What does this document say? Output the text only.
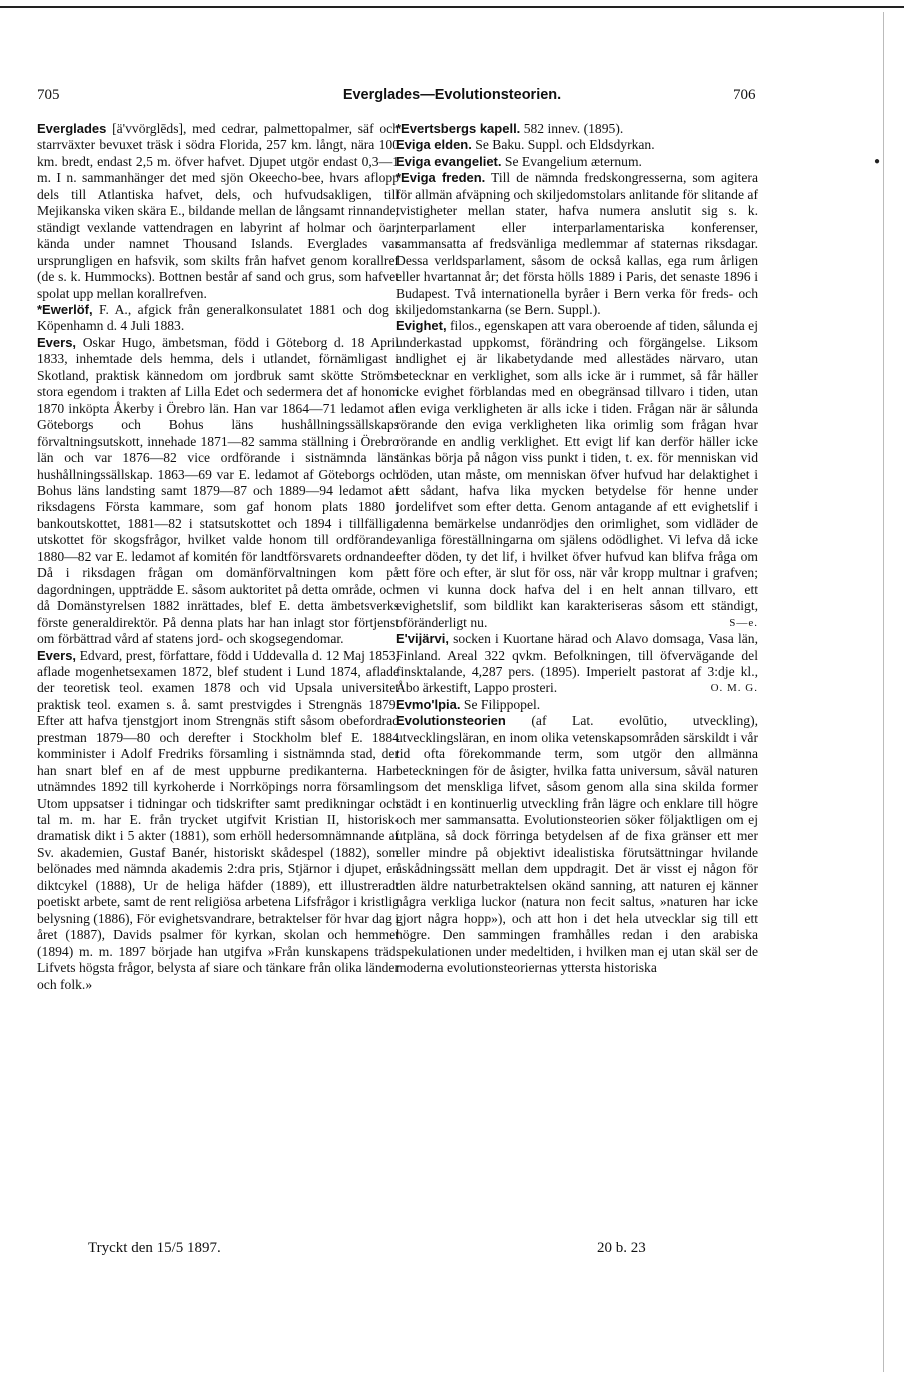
705	Everglades—Evolutionsteorien.	706

Everglades [ä'vvörglēds], med cedrar, palmettopalmer, säf och starrväxter bevuxet träsk i södra Florida, 257 km. långt, nära 100 km. bredt, endast 2,5 m. öfver hafvet. Djupet utgör endast 0,3—1 m. I n. sammanhänger det med sjön Okeecho-bee, hvars aflopp dels till Atlantiska hafvet, dels, och hufvudsakligen, till Mejikanska viken skära E., bildande mellan de långsamt rinnande, ständigt vexlande vattendragen en labyrint af holmar och öar, kända under namnet Thousand Islands. Everglades var ursprungligen en hafsvik, som skilts från hafvet genom korallref (de s. k. Hummocks). Bottnen består af sand och grus, som hafvet spolat upp mellan korallrefven.

*Ewerlöf, F. A., afgick från generalkonsulatet 1881 och dog i Köpenhamn d. 4 Juli 1883.

Evers, Oskar Hugo, ämbetsman, född i Göteborg d. 18 April 1833, inhemtade dels hemma, dels i utlandet, förnämligast i Skotland, praktisk kännedom om jordbruk samt skötte Ströms stora egendom i trakten af Lilla Edet och sedermera det af honom 1870 inköpta Åkerby i Örebro län. Han var 1864—71 ledamot af Göteborgs och Bohus läns hushållningssällskaps förvaltningsutskott, innehade 1871—82 samma ställning i Örebro län och var 1876—82 vice ordförande i sistnämnda läns hushållningssällskap. 1863—69 var E. ledamot af Göteborgs och Bohus läns landsting samt 1879—87 och 1889—94 ledamot af riksdagens Första kammare, som gaf honom plats 1880 i bankoutskottet, 1881—82 i statsutskottet och 1894 i tillfälliga utskottet för skogsfrågor, hvilket valde honom till ordförande. 1880—82 var E. ledamot af komitén för landtförsvarets ordnande. Då i riksdagen frågan om domänförvaltningen kom på dagordningen, uppträdde E. såsom auktoritet på detta område, och då Domänstyrelsen 1882 inrättades, blef E. detta ämbetsverks förste generaldirektör. På denna plats har han inlagt stor förtjenst om förbättrad vård af statens jord- och skogsegendomar.

Evers, Edvard, prest, författare, född i Uddevalla d. 12 Maj 1853, aflade mogenhetsexamen 1872, blef student i Lund 1874, aflade der teoretisk teol. examen 1878 och vid Upsala universitet praktisk teol. examen s. å. samt prestvigdes i Strengnäs 1879. Efter att hafva tjenstgjort inom Strengnäs stift såsom obefordrad prestman 1879—80 och derefter i Stockholm blef E. 1884 komminister i Adolf Fredriks församling i sistnämnda stad, der han snart blef en af de mest uppburne predikanterna. Han utnämndes 1892 till kyrkoherde i Norrköpings norra församling. Utom uppsatser i tidningar och tidskrifter samt predikningar och tal m. m. har E. från trycket utgifvit Kristian II, historisk-dramatisk dikt i 5 akter (1881), som erhöll hedersomnämnande af Sv. akademien, Gustaf Banér, historiskt skådespel (1882), som belönades med nämnda akademis 2:dra pris, Stjärnor i djupet, en diktcykel (1888), Ur de heliga häfder (1889), ett illustreradt poetiskt arbete, samt de rent religiösa arbetena Lifsfrågor i kristlig belysning (1886), För evighetsvandrare, betraktelser för hvar dag i året (1887), Davids psalmer för kyrkan, skolan och hemmet (1894) m. m. 1897 började han utgifva »Från kunskapens träd. Lifvets högsta frågor, belysta af siare och tänkare från olika länder och folk.»

*Evertsbergs kapell. 582 innev. (1895).

Eviga elden. Se Baku. Suppl. och Eldsdyrkan.

Eviga evangeliet. Se Evangelium æternum.

*Eviga freden. Till de nämnda fredskongresserna, som agitera för allmän afväpning och skiljedomstolars anlitande för slitande af tvistigheter mellan stater, hafva numera anslutit sig s. k. interparlament eller interparlamentariska konferenser, sammansatta af fredsvänliga medlemmar af staternas riksdagar. Dessa verldsparlament, såsom de också kallas, ega rum årligen eller hvartannat år; det första hölls 1889 i Paris, det senaste 1896 i Budapest. Två internationella byråer i Bern verka för freds- och skiljedomstankarna (se Bern. Suppl.).

Evighet, filos., egenskapen att vara oberoende af tiden, sålunda ej underkastad uppkomst, förändring och förgängelse. Liksom andlighet ej är likabetydande med allestädes närvaro, utan betecknar en verklighet, som alls icke är i rummet, så får häller icke evighet förblandas med en obegränsad tillvaro i tiden, utan den eviga verkligheten är alls icke i tiden. Frågan när är sålunda rörande den eviga verkligheten lika orimlig som frågan hvar rörande en andlig verklighet. Ett evigt lif kan derför häller icke tänkas börja på någon viss punkt i tiden, t. ex. för menniskan vid döden, utan måste, om menniskan öfver hufvud har delaktighet i ett sådant, hafva lika mycken betydelse för henne under jordelifvet som efter detta. Genom antagande af ett evighetslif i denna bemärkelse undanrödjes den orimlighet, som vidläder de vanliga föreställningarna om själens odödlighet. Vi lefva då icke efter döden, ty det lif, i hvilket öfver hufvud kan blifva fråga om ett före och efter, är slut för oss, när vår kropp multnar i grafven; men vi kunna dock hafva del i en helt annan tillvaro, ett evighetslif, som bildlikt kan karakteriseras såsom ett ständigt, oföränderligt nu.	S—e.

E'vijärvi, socken i Kuortane härad och Alavo domsaga, Vasa län, Finland. Areal 322 qvkm. Befolkningen, till öfvervägande del finsktalande, 4,287 pers. (1895). Imperielt pastorat af 3:dje kl., Åbo ärkestift, Lappo prosteri.	O. M. G.

Evmo'lpia. Se Filippopel.

Evolutionsteorien (af Lat. evolūtio, utveckling), utvecklingsläran, en inom olika vetenskapsområden särskildt i vår tid ofta förekommande term, som utgör den allmänna beteckningen för de åsigter, hvilka fatta universum, såväl naturen som det menskliga lifvet, såsom genom alla sina skilda former städt i en kontinuerlig utveckling från lägre och enklare till högre och mer sammansatta. Evolutionsteorien söker följaktligen om ej utpläna, så dock förringa betydelsen af de fixa gränser ett mer eller mindre på objektivt idealistiska förutsättningar hvilande åskådningssätt mellan dem uppdragit. Det är visst ej någon för den äldre naturbetraktelsen okänd sanning, att naturen ej känner några verkliga luckor (natura non fecit saltus, »naturen har icke gjort några hopp»), och att hon i det hela utvecklar sig till ett högre. Den sammingen framhålles redan i den arabiska spekulationen under medeltiden, i hvilken man ej utan skäl ser de moderna evolutionsteoriernas yttersta historiska

Tryckt den 15/5 1897.	20 b. 23
●
